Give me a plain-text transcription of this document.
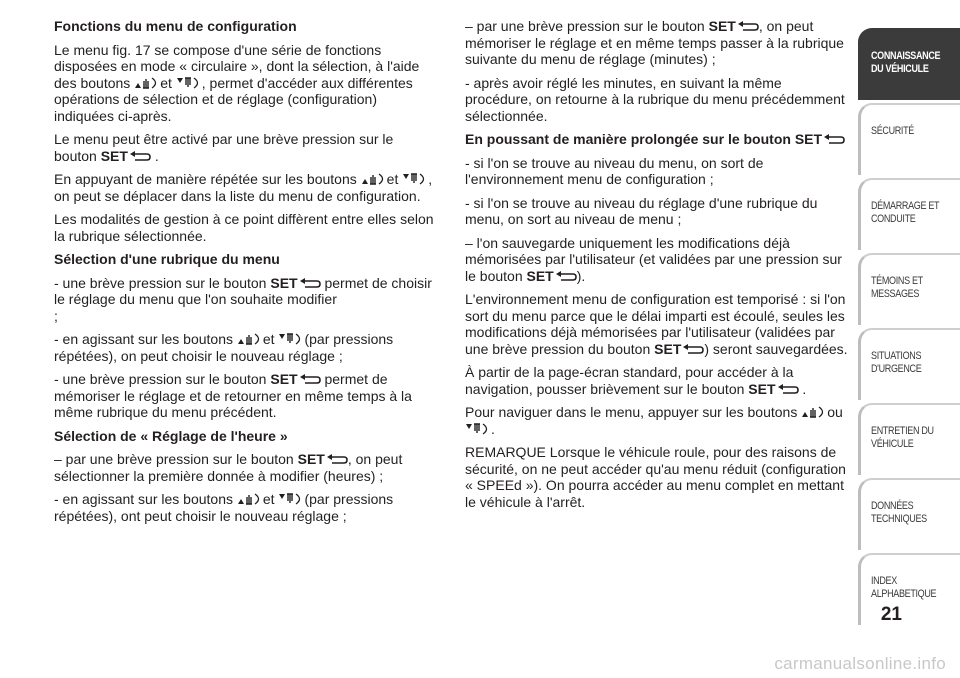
Fonctions du menu de configuration

Le menu fig. 17 se compose d'une série de fonctions disposées en mode « circulaire », dont la sélection, à l'aide des boutons et , permet d'accéder aux différentes opérations de sélection et de réglage (configuration) indiquées ci-après.

Le menu peut être activé par une brève pression sur le bouton SET .

En appuyant de manière répétée sur les boutons et , on peut se déplacer dans la liste du menu de configuration.

Les modalités de gestion à ce point diffèrent entre elles selon la rubrique sélectionnée.

Sélection d'une rubrique du menu

- une brève pression sur le bouton SET permet de choisir le réglage du menu que l'on souhaite modifier
;

- en agissant sur les boutons et (par pressions répétées), on peut choisir le nouveau réglage ;

- une brève pression sur le bouton SET permet de mémoriser le réglage et de retourner en même temps à la même rubrique du menu précédent.

Sélection de « Réglage de l'heure »

– par une brève pression sur le bouton SET , on peut sélectionner la première donnée à modifier (heures) ;

- en agissant sur les boutons et (par pressions répétées), ont peut choisir le nouveau réglage ;

– par une brève pression sur le bouton SET , on peut mémoriser le réglage et en même temps passer à la rubrique suivante du menu de réglage (minutes) ;

- après avoir réglé les minutes, en suivant la même procédure, on retourne à la rubrique du menu précédemment sélectionnée.

En poussant de manière prolongée sur le bouton SET

- si l'on se trouve au niveau du menu, on sort de l'environnement menu de configuration ;

- si l'on se trouve au niveau du réglage d'une rubrique du menu, on sort au niveau de menu ;

– l'on sauvegarde uniquement les modifications déjà mémorisées par l'utilisateur (et validées par une pression sur le bouton SET ).

L'environnement menu de configuration est temporisé : si l'on sort du menu parce que le délai imparti est écoulé, seules les modifications déjà mémorisées par l'utilisateur (validées par une brève pression du bouton SET ) seront sauvegardées.

À partir de la page-écran standard, pour accéder à la navigation, pousser brièvement sur le bouton SET .

Pour naviguer dans le menu, appuyer sur les boutons ou
.

REMARQUE Lorsque le véhicule roule, pour des raisons de sécurité, on ne peut accéder qu'au menu réduit (configuration « SPEEd »). On pourra accéder au menu complet en mettant le véhicule à l'arrêt.

CONNAISSANCE
DU VÉHICULE
SÉCURITÉ
DÉMARRAGE ET
CONDUITE
TÉMOINS ET
MESSAGES
SITUATIONS
D'URGENCE
ENTRETIEN DU
VÉHICULE
DONNÉES
TECHNIQUES
INDEX
ALPHABETIQUE
21
carmanualsonline.info
